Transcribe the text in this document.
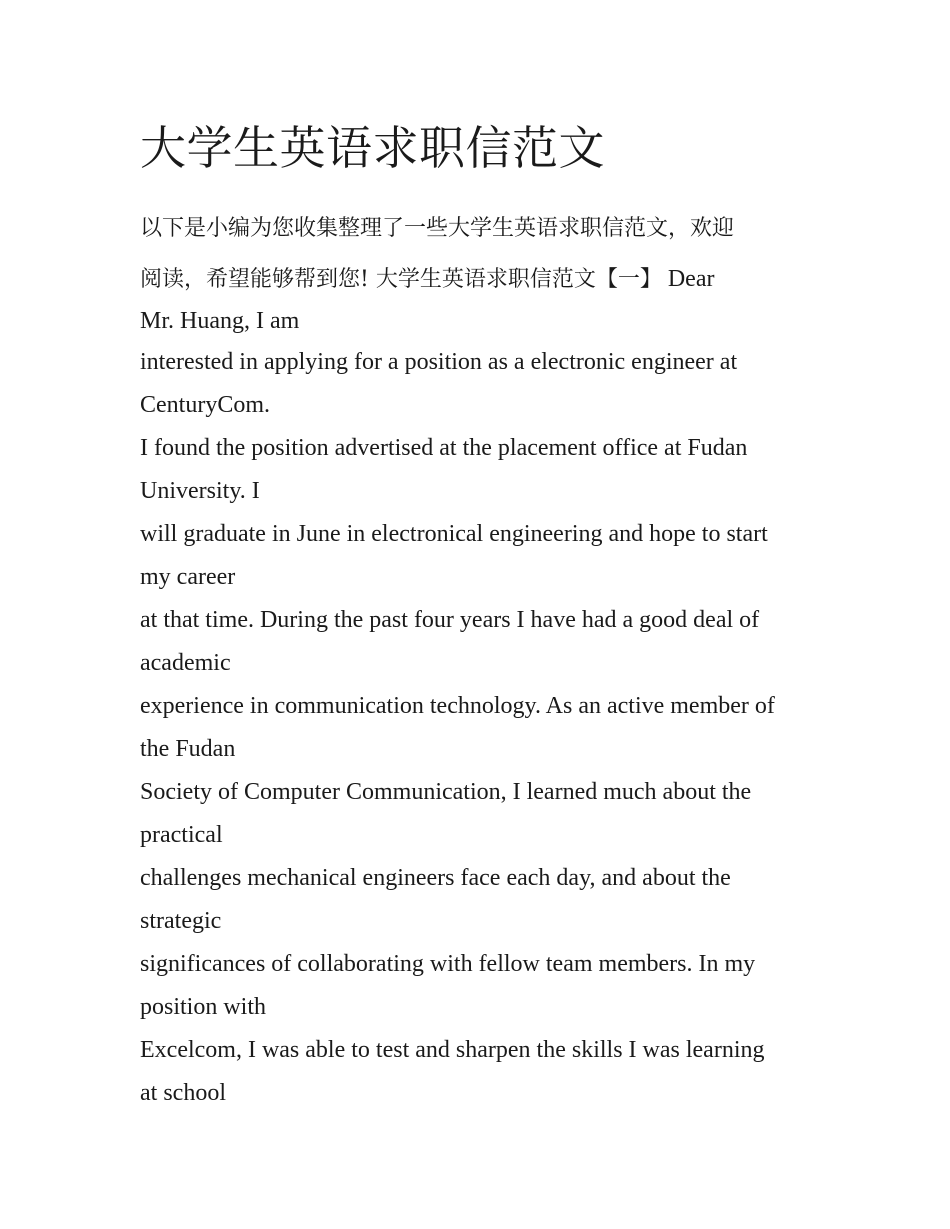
大学生英语求职信范文

以下是小编为您收集整理了一些大学生英语求职信范文，欢迎
阅读，希望能够帮到您! 大学生英语求职信范文【一】 Dear

Mr. Huang, I am

interested in applying for a position as a electronic engineer at
CenturyCom.
I found the position advertised at the placement office at Fudan
University. I
will graduate in June in electronical engineering and hope to start
my career
at that time. During the past four years I have had a good deal of
academic
experience in communication technology. As an active member of
the Fudan
Society of Computer Communication, I learned much about the
practical
challenges mechanical engineers face each day, and about the
strategic
significances of collaborating with fellow team members. In my
position with
Excelcom, I was able to test and sharpen the skills I was learning
at school
